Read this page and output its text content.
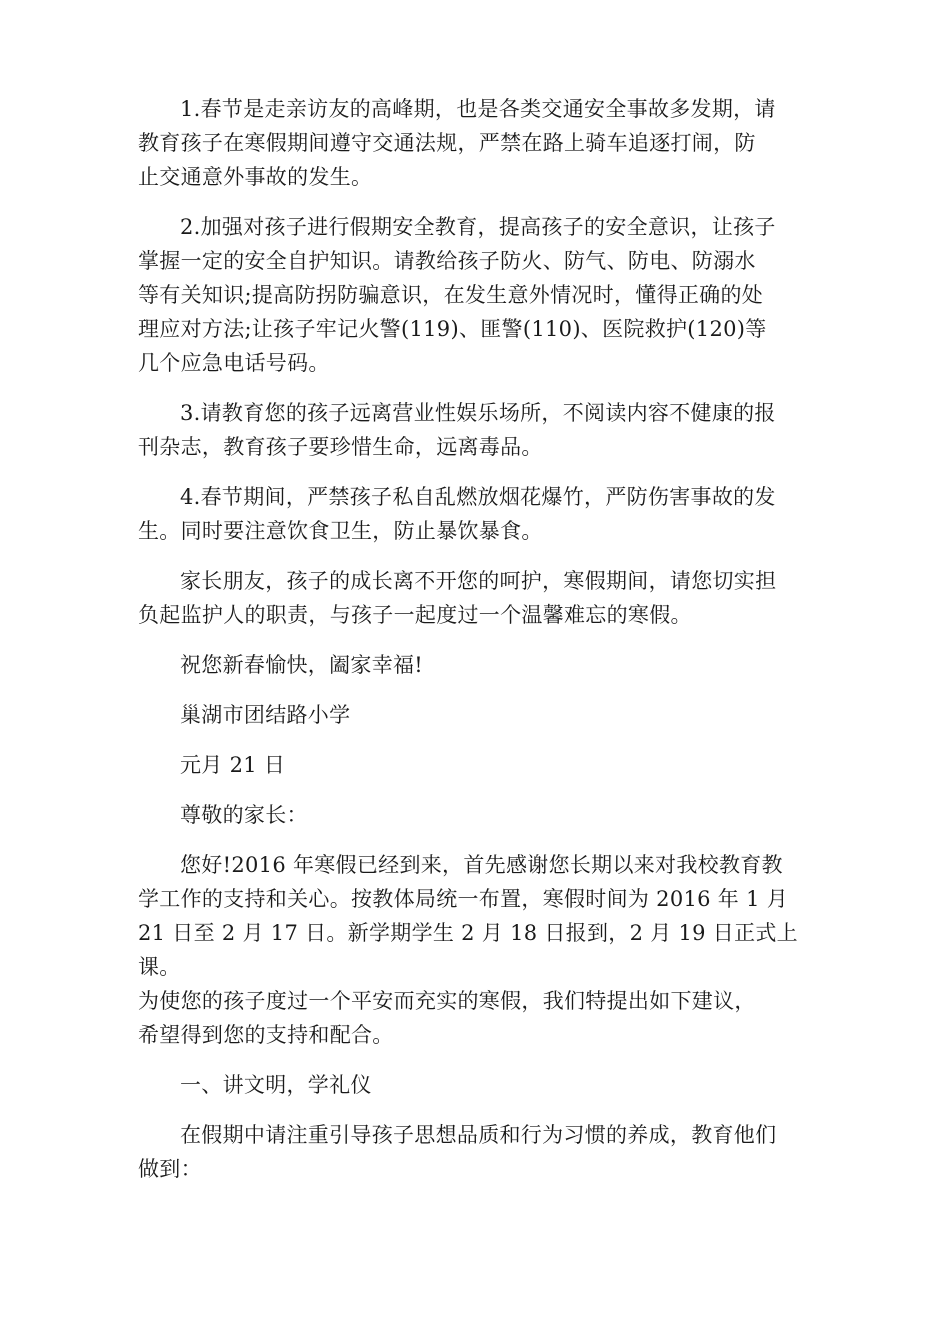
1.春节是走亲访友的高峰期，也是各类交通安全事故多发期，请
教育孩子在寒假期间遵守交通法规，严禁在路上骑车追逐打闹，防
止交通意外事故的发生。

2.加强对孩子进行假期安全教育，提高孩子的安全意识，让孩子
掌握一定的安全自护知识。请教给孩子防火、防气、防电、防溺水
等有关知识;提高防拐防骗意识，在发生意外情况时，懂得正确的处
理应对方法;让孩子牢记火警(119)、匪警(110)、医院救护(120)等
几个应急电话号码。

3.请教育您的孩子远离营业性娱乐场所，不阅读内容不健康的报
刊杂志，教育孩子要珍惜生命，远离毒品。

4.春节期间，严禁孩子私自乱燃放烟花爆竹，严防伤害事故的发
生。同时要注意饮食卫生，防止暴饮暴食。

家长朋友，孩子的成长离不开您的呵护，寒假期间，请您切实担
负起监护人的职责，与孩子一起度过一个温馨难忘的寒假。

祝您新春愉快，阖家幸福!

巢湖市团结路小学

元月 21 日

尊敬的家长：

您好!2016 年寒假已经到来，首先感谢您长期以来对我校教育教
学工作的支持和关心。按教体局统一布置，寒假时间为 2016 年 1 月
21 日至 2 月 17 日。新学期学生 2 月 18 日报到，2 月 19 日正式上课。
为使您的孩子度过一个平安而充实的寒假，我们特提出如下建议，
希望得到您的支持和配合。

一、讲文明，学礼仪

在假期中请注重引导孩子思想品质和行为习惯的养成，教育他们
做到：
